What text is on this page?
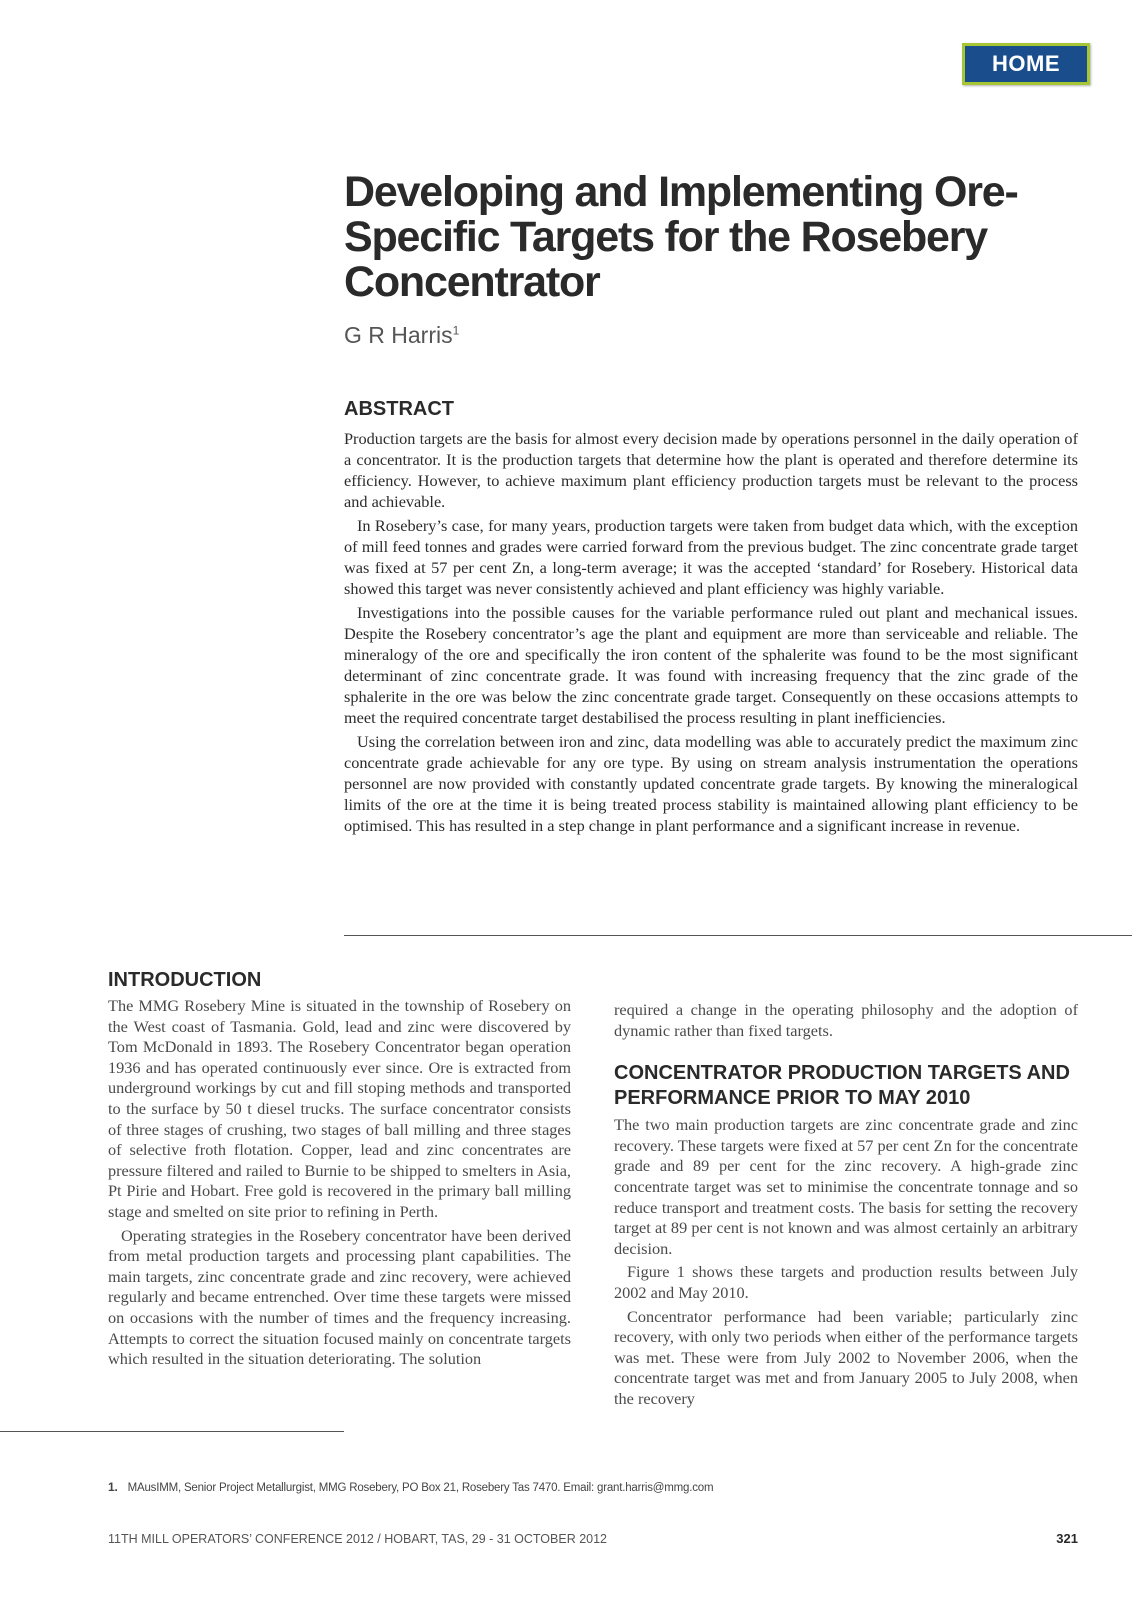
HOME
Developing and Implementing Ore-Specific Targets for the Rosebery Concentrator
G R Harris$^1$
ABSTRACT

Production targets are the basis for almost every decision made by operations personnel in the daily operation of a concentrator. It is the production targets that determine how the plant is operated and therefore determine its efficiency. However, to achieve maximum plant efficiency production targets must be relevant to the process and achievable.

In Rosebery’s case, for many years, production targets were taken from budget data which, with the exception of mill feed tonnes and grades were carried forward from the previous budget. The zinc concentrate grade target was fixed at 57 per cent Zn, a long-term average; it was the accepted ‘standard’ for Rosebery. Historical data showed this target was never consistently achieved and plant efficiency was highly variable.

Investigations into the possible causes for the variable performance ruled out plant and mechanical issues. Despite the Rosebery concentrator’s age the plant and equipment are more than serviceable and reliable. The mineralogy of the ore and specifically the iron content of the sphalerite was found to be the most significant determinant of zinc concentrate grade. It was found with increasing frequency that the zinc grade of the sphalerite in the ore was below the zinc concentrate grade target. Consequently on these occasions attempts to meet the required concentrate target destabilised the process resulting in plant inefficiencies.

Using the correlation between iron and zinc, data modelling was able to accurately predict the maximum zinc concentrate grade achievable for any ore type. By using on stream analysis instrumentation the operations personnel are now provided with constantly updated concentrate grade targets. By knowing the mineralogical limits of the ore at the time it is being treated process stability is maintained allowing plant efficiency to be optimised. This has resulted in a step change in plant performance and a significant increase in revenue.

INTRODUCTION

The MMG Rosebery Mine is situated in the township of Rosebery on the West coast of Tasmania. Gold, lead and zinc were discovered by Tom McDonald in 1893. The Rosebery Concentrator began operation 1936 and has operated continuously ever since. Ore is extracted from underground workings by cut and fill stoping methods and transported to the surface by 50 t diesel trucks. The surface concentrator consists of three stages of crushing, two stages of ball milling and three stages of selective froth flotation. Copper, lead and zinc concentrates are pressure filtered and railed to Burnie to be shipped to smelters in Asia, Pt Pirie and Hobart. Free gold is recovered in the primary ball milling stage and smelted on site prior to refining in Perth.

Operating strategies in the Rosebery concentrator have been derived from metal production targets and processing plant capabilities. The main targets, zinc concentrate grade and zinc recovery, were achieved regularly and became entrenched. Over time these targets were missed on occasions with the number of times and the frequency increasing. Attempts to correct the situation focused mainly on concentrate targets which resulted in the situation deteriorating. The solution

required a change in the operating philosophy and the adoption of dynamic rather than fixed targets.

CONCENTRATOR PRODUCTION TARGETS AND PERFORMANCE PRIOR TO MAY 2010

The two main production targets are zinc concentrate grade and zinc recovery. These targets were fixed at 57 per cent Zn for the concentrate grade and 89 per cent for the zinc recovery. A high-grade zinc concentrate target was set to minimise the concentrate tonnage and so reduce transport and treatment costs. The basis for setting the recovery target at 89 per cent is not known and was almost certainly an arbitrary decision.

Figure 1 shows these targets and production results between July 2002 and May 2010.

Concentrator performance had been variable; particularly zinc recovery, with only two periods when either of the performance targets was met. These were from July 2002 to November 2006, when the concentrate target was met and from January 2005 to July 2008, when the recovery

1. MAusIMM, Senior Project Metallurgist, MMG Rosebery, PO Box 21, Rosebery Tas 7470. Email: grant.harris@mmg.com
11TH MILL OPERATORS’ CONFERENCE 2012 / HOBART, TAS, 29 - 31 OCTOBER 2012	321
